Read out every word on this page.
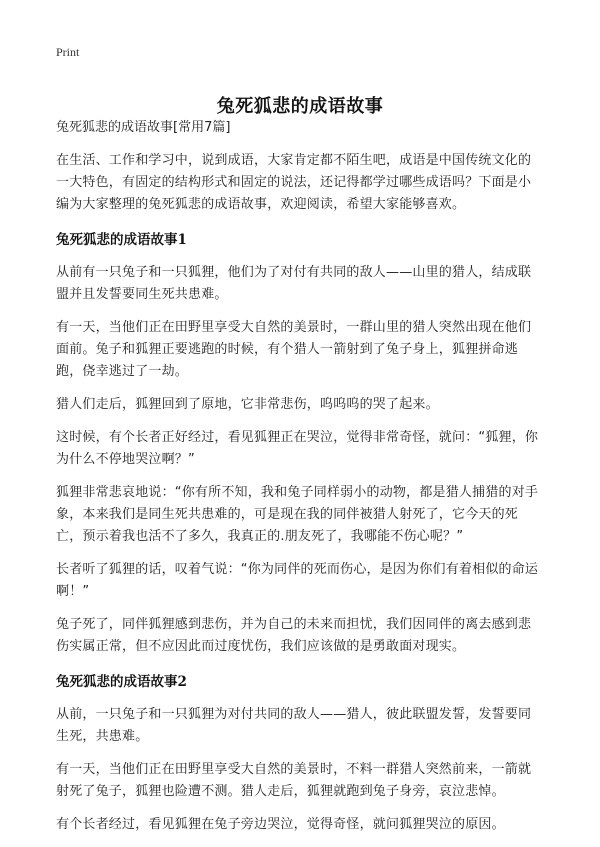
Print
兔死狐悲的成语故事
兔死狐悲的成语故事[常用7篇]

在生活、工作和学习中，说到成语，大家肯定都不陌生吧，成语是中国传统文化的一大特色，有固定的结构形式和固定的说法，还记得都学过哪些成语吗？下面是小编为大家整理的兔死狐悲的成语故事，欢迎阅读，希望大家能够喜欢。

兔死狐悲的成语故事1

从前有一只兔子和一只狐狸，他们为了对付有共同的敌人——山里的猎人，结成联盟并且发誓要同生死共患难。

有一天，当他们正在田野里享受大自然的美景时，一群山里的猎人突然出现在他们面前。兔子和狐狸正要逃跑的时候，有个猎人一箭射到了兔子身上，狐狸拼命逃跑，侥幸逃过了一劫。

猎人们走后，狐狸回到了原地，它非常悲伤，呜呜呜的哭了起来。

这时候，有个长者正好经过，看见狐狸正在哭泣，觉得非常奇怪，就问：“狐狸，你为什么不停地哭泣啊？”

狐狸非常悲哀地说：“你有所不知，我和兔子同样弱小的动物，都是猎人捕猎的对手象，本来我们是同生死共患难的，可是现在我的同伴被猎人射死了，它今天的死亡，预示着我也活不了多久，我真正的.朋友死了，我哪能不伤心呢？”

长者听了狐狸的话，叹着气说：“你为同伴的死而伤心，是因为你们有着相似的命运啊！”

兔子死了，同伴狐狸感到悲伤，并为自己的未来而担忧，我们因同伴的离去感到悲伤实属正常，但不应因此而过度忧伤，我们应该做的是勇敢面对现实。

兔死狐悲的成语故事2

从前，一只兔子和一只狐狸为对付共同的敌人——猎人，彼此联盟发誓，发誓要同生死，共患难。

有一天，当他们正在田野里享受大自然的美景时，不料一群猎人突然前来，一箭就射死了兔子，狐狸也险遭不测。猎人走后，狐狸就跑到兔子身旁，哀泣悲悼。

有个长者经过，看见狐狸在兔子旁边哭泣，觉得奇怪，就问狐狸哭泣的原因。
